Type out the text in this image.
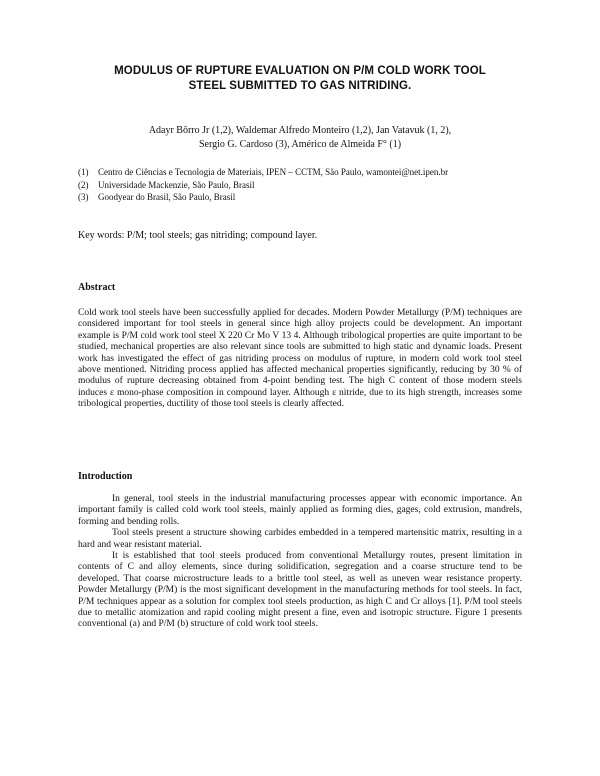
MODULUS OF RUPTURE EVALUATION ON P/M COLD WORK TOOL
STEEL SUBMITTED TO GAS NITRIDING.
Adayr Bôrro Jr (1,2), Waldemar Alfredo Monteiro (1,2), Jan Vatavuk (1, 2),
Sergio G. Cardoso (3), Américo de Almeida F° (1)
(1)	Centro de Ciências e Tecnologia de Materiais, IPEN – CCTM, São Paulo, wamontei@net.ipen.br
(2)	Universidade Mackenzie, São Paulo, Brasil
(3)	Goodyear do Brasil, São Paulo, Brasil
Key words: P/M; tool steels; gas nitriding; compound layer.
Abstract
Cold work tool steels have been successfully applied for decades. Modern Powder Metallurgy (P/M) techniques are considered important for tool steels in general since high alloy projects could be development. An important example is P/M cold work tool steel X 220 Cr Mo V 13 4. Although tribological properties are quite important to be studied, mechanical properties are also relevant since tools are submitted to high static and dynamic loads. Present work has investigated the effect of gas nitriding process on modulus of rupture, in modern cold work tool steel above mentioned. Nitriding process applied has affected mechanical properties significantly, reducing by 30 % of modulus of rupture decreasing obtained from 4-point bending test. The high C content of those modern steels induces ε mono-phase composition in compound layer. Although ε nitride, due to its high strength, increases some tribological properties, ductility of those tool steels is clearly affected.
Introduction

In general, tool steels in the industrial manufacturing processes appear with economic importance. An important family is called cold work tool steels, mainly applied as forming dies, gages, cold extrusion, mandrels, forming and bending rolls.

Tool steels present a structure showing carbides embedded in a tempered martensitic matrix, resulting in a hard and wear resistant material.

It is established that tool steels produced from conventional Metallurgy routes, present limitation in contents of C and alloy elements, since during solidification, segregation and a coarse structure tend to be developed. That coarse microstructure leads to a brittle tool steel, as well as uneven wear resistance property. Powder Metallurgy (P/M) is the most significant development in the manufacturing methods for tool steels. In fact, P/M techniques appear as a solution for complex tool steels production, as high C and Cr alloys [1]. P/M tool steels due to metallic atomization and rapid cooling might present a fine, even and isotropic structure. Figure 1 presents conventional (a) and P/M (b) structure of cold work tool steels.
